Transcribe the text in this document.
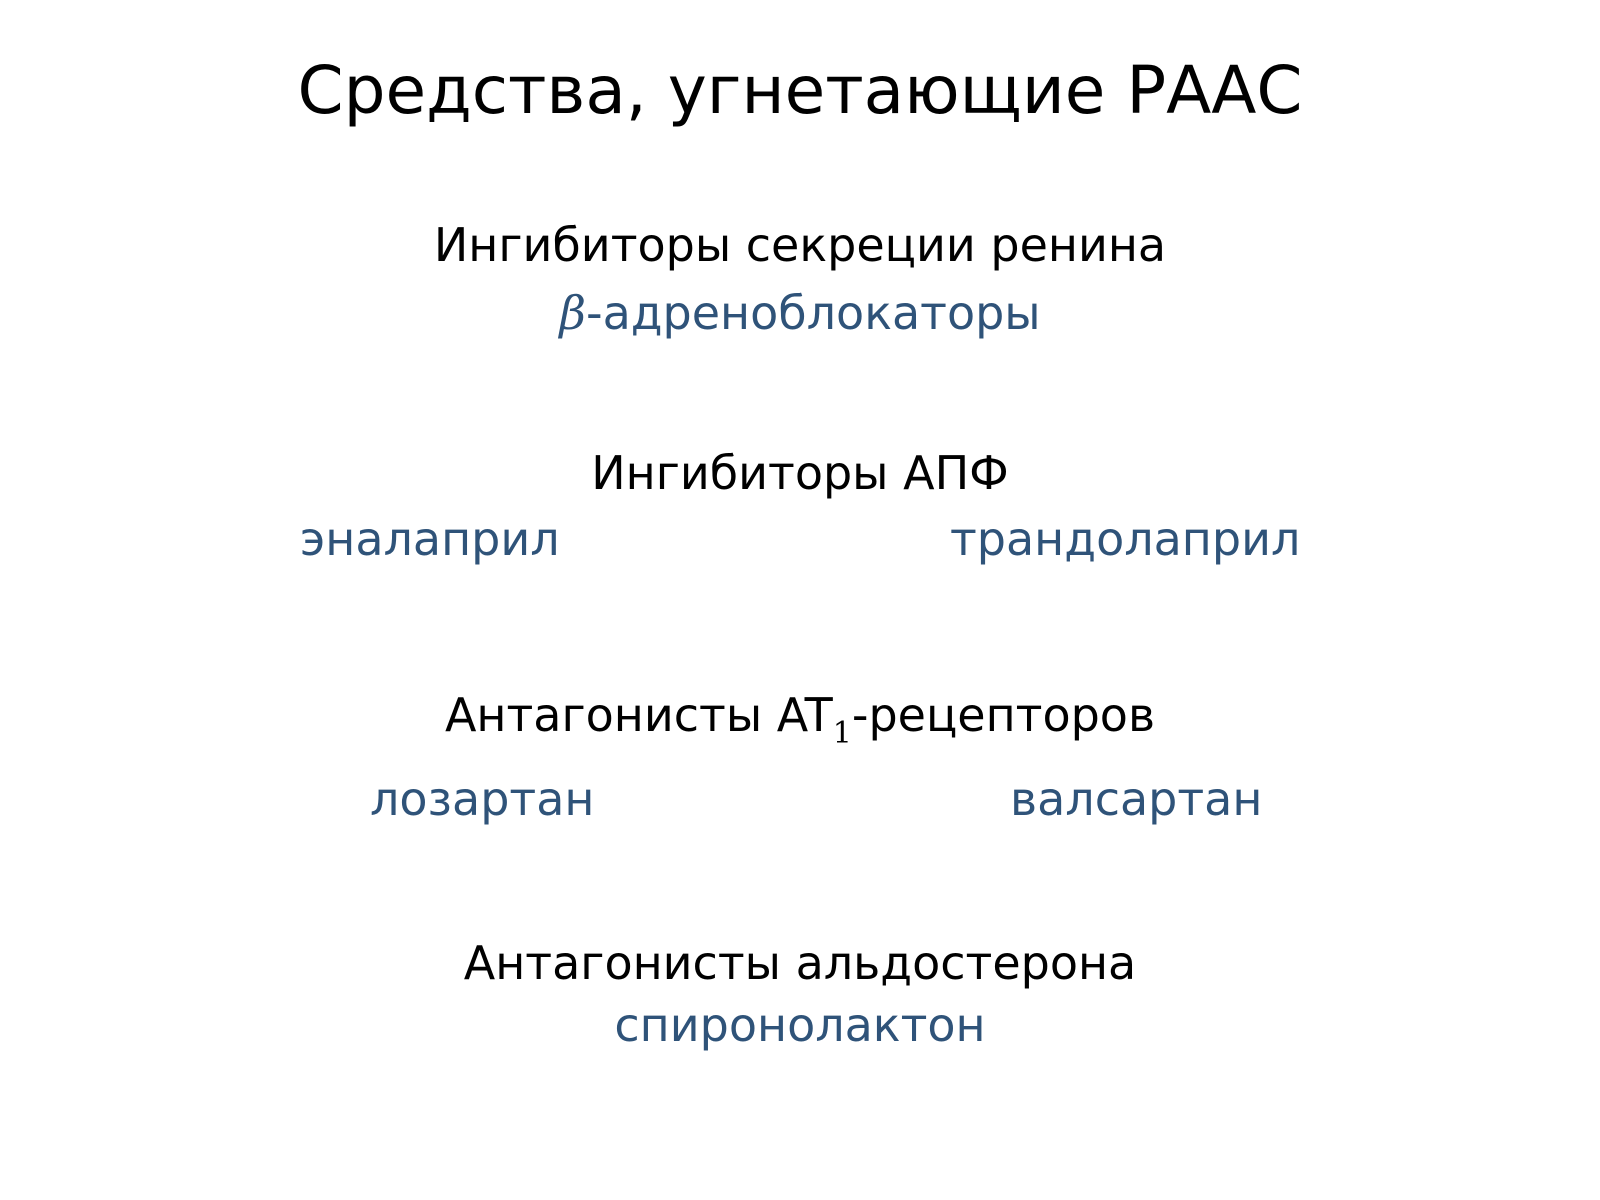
Средства, угнетающие РААС
Ингибиторы секреции ренина
β-адреноблокаторы
Ингибиторы АПФ
эналаприл	трандолаприл
Антагонисты $AT_1$-рецепторов
лозартан	валсартан
Антагонисты альдостерона
спиронолактон
